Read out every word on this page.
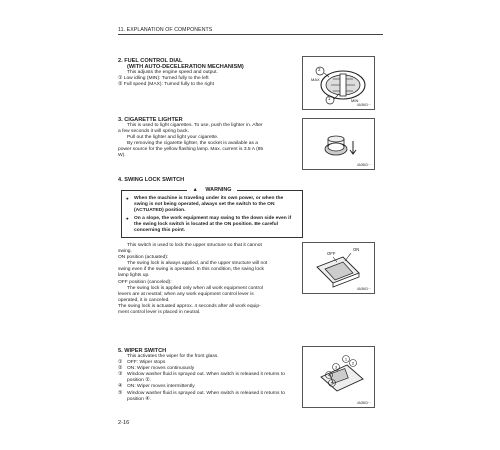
11. EXPLANATION OF COMPONENTS
2. FUEL CONTROL DIAL
(WITH AUTO-DECELERATION MECHANISM)
This adjusts the engine speed and output.
① Low idling (MIN): Turned fully to the left
② Full speed (MAX): Turned fully to the right
2
1
MAX
MIN
4A0563···
3. CIGARETTE LIGHTER
This is used to light cigarettes. To use, push the lighter in. After
a few seconds it will spring back.
Pull out the lighter and light your cigarette.
By removing the cigarette lighter, the socket is available as a
power source for the yellow flashing lamp. Max. current is 3.5 A (85
W).
4A0563···
4. SWING LOCK SWITCH
▲ WARNING
● When the machine is traveling under its own power, or when the swing is not being operated, always set the switch to the ON (ACTUATED) position.
● On a slope, the work equipment may swing to the down side even if the swing lock switch is located at the ON position. Be careful concerning this point.
This switch is used to lock the upper structure so that it cannot
swing.
ON position (actuated):
The swing lock is always applied, and the upper structure will not
swing even if the swing is operated. In this condition, the swing lock
lamp lights up.
OFF position (canceled):
The swing lock is applied only when all work equipment control
levers are at neutral; when any work equipment control lever is
operated, it is canceled.
The swing lock is actuated approx. 4 seconds after all work equip-
ment control lever is placed in neutral.
ON
OFF
4A0563···
5. WIPER SWITCH
This activates the wiper for the front glass.
① OFF: Wiper stops
② ON: Wiper moves continuously
③ Window washer fluid is sprayed out. When switch is released it returns to position ②.
④ ON: Wiper moves intermittently
⑤ Window washer fluid is sprayed out. When switch is released it returns to position ④.
1
2
3
4
5
4A0563···
2-16
